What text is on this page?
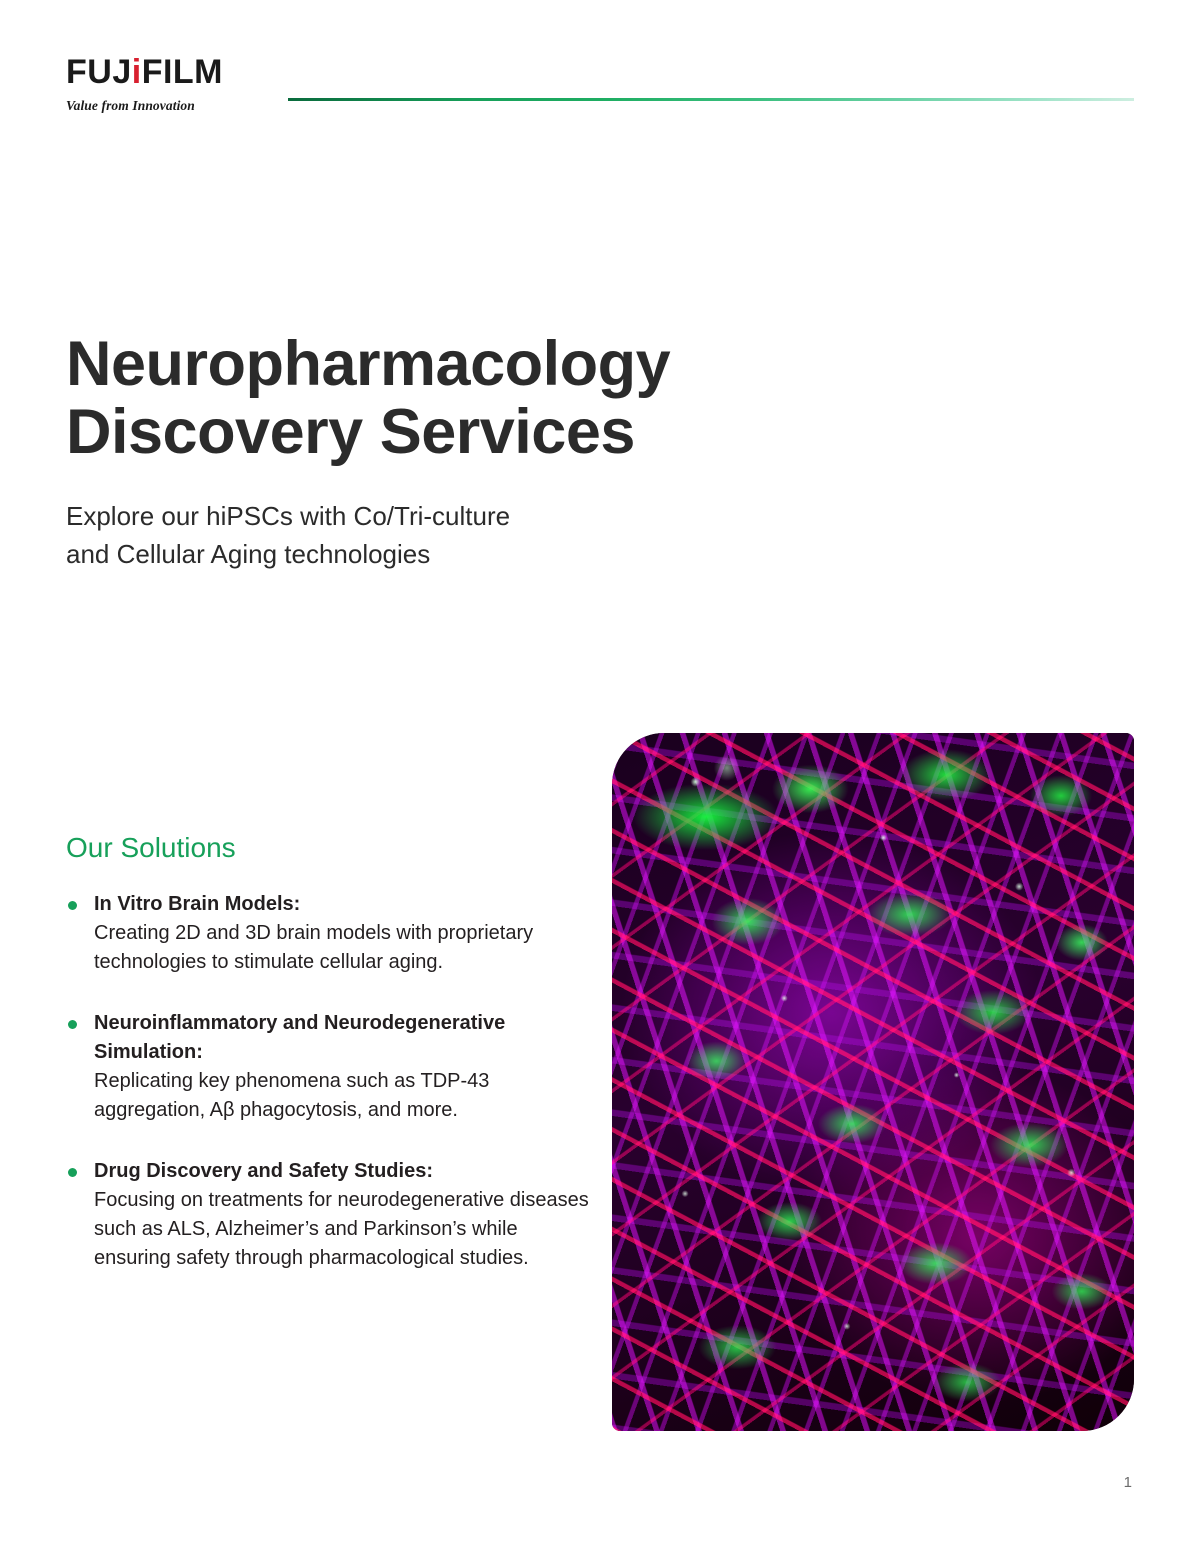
FUJiFILM
Value from Innovation
Neuropharmacology
Discovery Services
Explore our hiPSCs with Co/Tri-culture
and Cellular Aging technologies
Our Solutions
In Vitro Brain Models:
Creating 2D and 3D brain models with proprietary technologies to stimulate cellular aging.
Neuroinflammatory and Neurodegenerative Simulation:
Replicating key phenomena such as TDP-43 aggregation, Aβ phagocytosis, and more.
Drug Discovery and Safety Studies:
Focusing on treatments for neurodegenerative diseases such as ALS, Alzheimer’s and Parkinson’s while ensuring safety through pharmacological studies.
1
